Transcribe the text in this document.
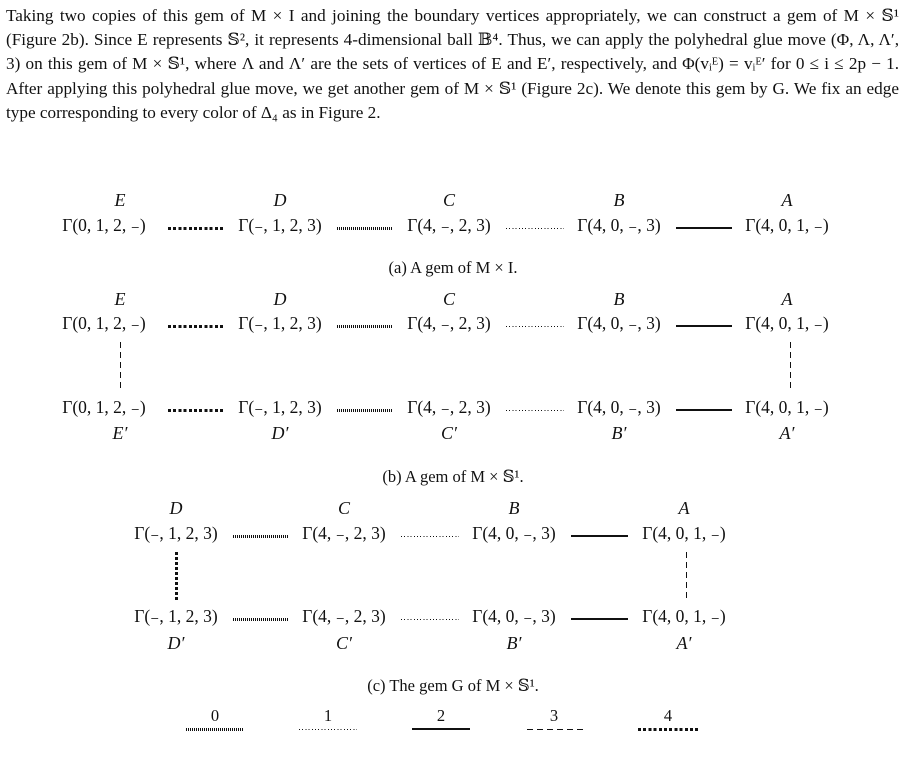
Taking two copies of this gem of M × I and joining the boundary vertices appropriately, we can construct a gem of M × 𝕊¹ (Figure 2b). Since E represents 𝕊², it represents 4-dimensional ball 𝔹⁴. Thus, we can apply the polyhedral glue move (Φ, Λ, Λ′, 3) on this gem of M × 𝕊¹, where Λ and Λ′ are the sets of vertices of E and E′, respectively, and Φ(vᵢᴱ) = vᵢᴱ′ for 0 ≤ i ≤ 2p − 1. After applying this polyhedral glue move, we get another gem of M × 𝕊¹ (Figure 2c). We denote this gem by G. We fix an edge type corresponding to every color of Δ₄ as in Figure 2.

E	D	C	B	A
Γ(0, 1, 2, ₋)	Γ(₋, 1, 2, 3)	Γ(4, ₋, 2, 3)	Γ(4, 0, ₋, 3)	Γ(4, 0, 1, ₋)
(a) A gem of M × I.
E	D	C	B	A
Γ(0, 1, 2, ₋)	Γ(₋, 1, 2, 3)	Γ(4, ₋, 2, 3)	Γ(4, 0, ₋, 3)	Γ(4, 0, 1, ₋)
Γ(0, 1, 2, ₋)	Γ(₋, 1, 2, 3)	Γ(4, ₋, 2, 3)	Γ(4, 0, ₋, 3)	Γ(4, 0, 1, ₋)
E′	D′	C′	B′	A′
(b) A gem of M × 𝕊¹.
D	C	B	A
Γ(₋, 1, 2, 3)	Γ(4, ₋, 2, 3)	Γ(4, 0, ₋, 3)	Γ(4, 0, 1, ₋)
Γ(₋, 1, 2, 3)	Γ(4, ₋, 2, 3)	Γ(4, 0, ₋, 3)	Γ(4, 0, 1, ₋)
D′	C′	B′	A′
(c) The gem G of M × 𝕊¹.
0	1	2	3	4
